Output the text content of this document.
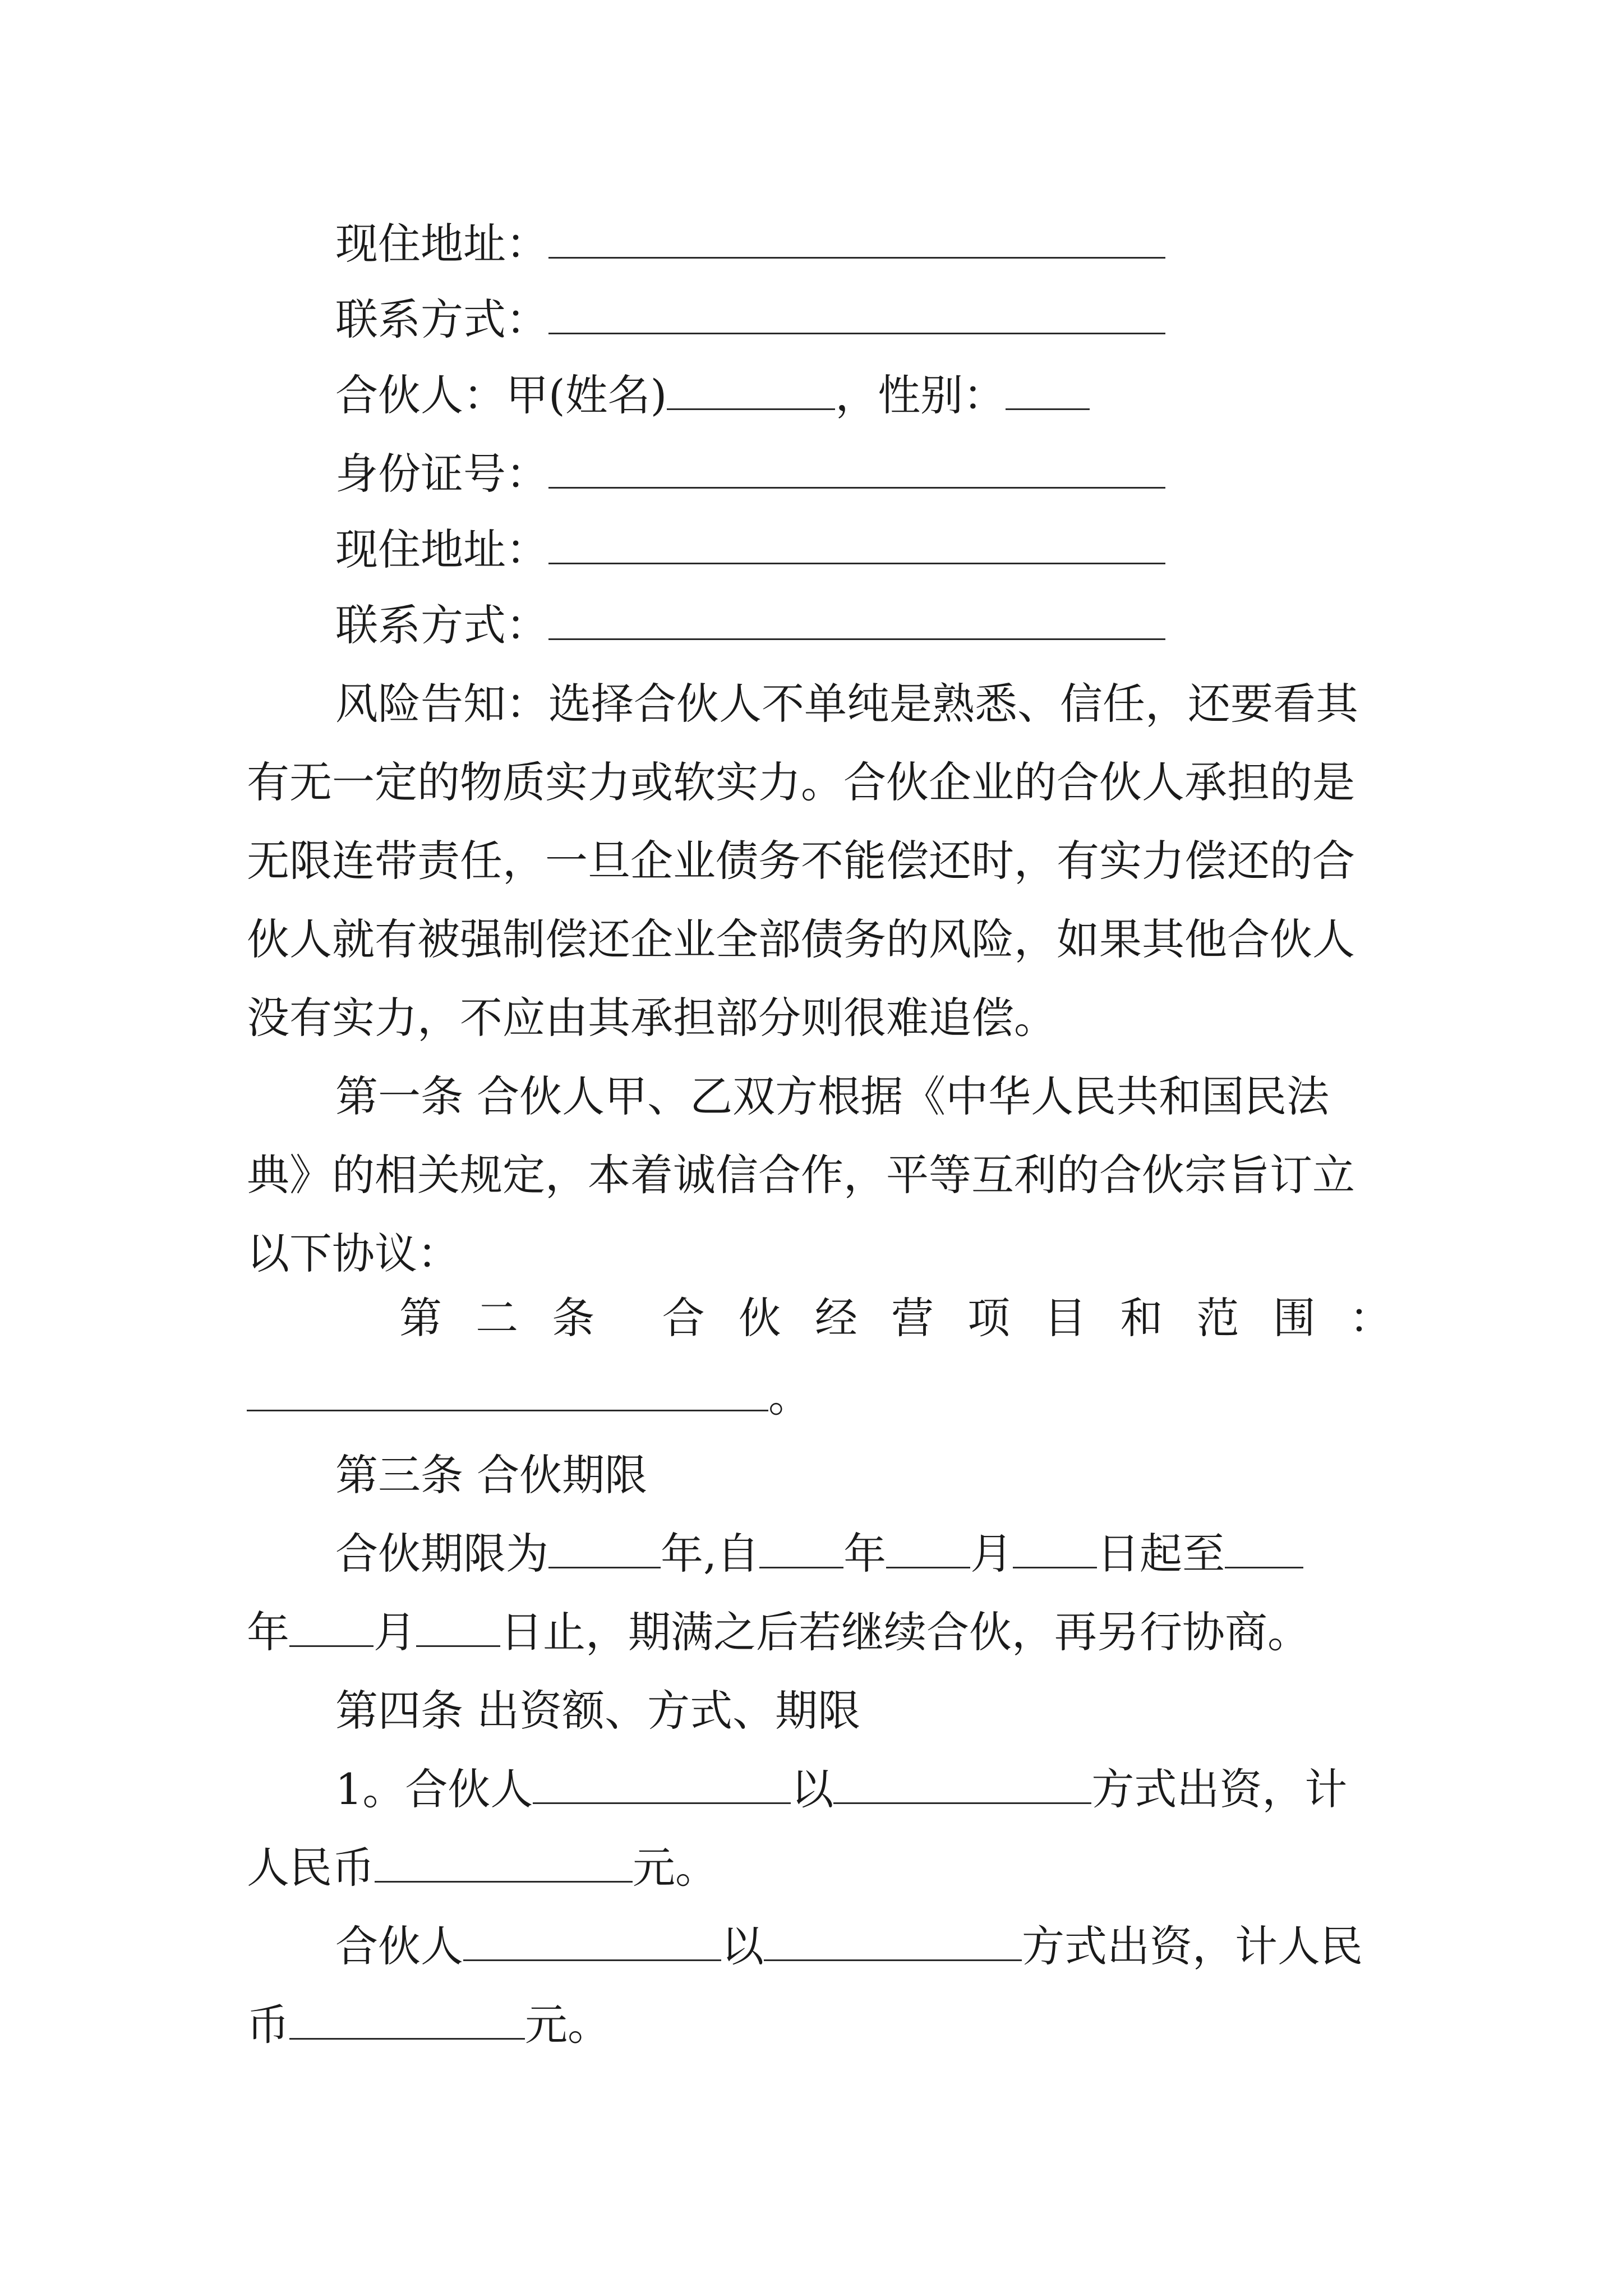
现住地址：
联系方式：
合伙人：甲(姓名)	，性别：
身份证号：
现住地址：
联系方式：
风险告知：选择合伙人不单纯是熟悉、信任，还要看其
有无一定的物质实力或软实力。合伙企业的合伙人承担的是
无限连带责任，一旦企业债务不能偿还时，有实力偿还的合
伙人就有被强制偿还企业全部债务的风险，如果其他合伙人
没有实力，不应由其承担部分则很难追偿。
第一条 合伙人甲、乙双方根据《中华人民共和国民法
典》的相关规定，本着诚信合作，平等互利的合伙宗旨订立
以下协议：
第 二 条 合 伙 经 营 项 目 和 范 围 ：
。
第三条 合伙期限
合伙期限为	年,自 年 月 日起至
年 月 日止，期满之后若继续合伙，再另行协商。
第四条 出资额、方式、期限
1。合伙人	以	方式出资，计
人民币	元。
合伙人	以	方式出资，计人民
币	元。
